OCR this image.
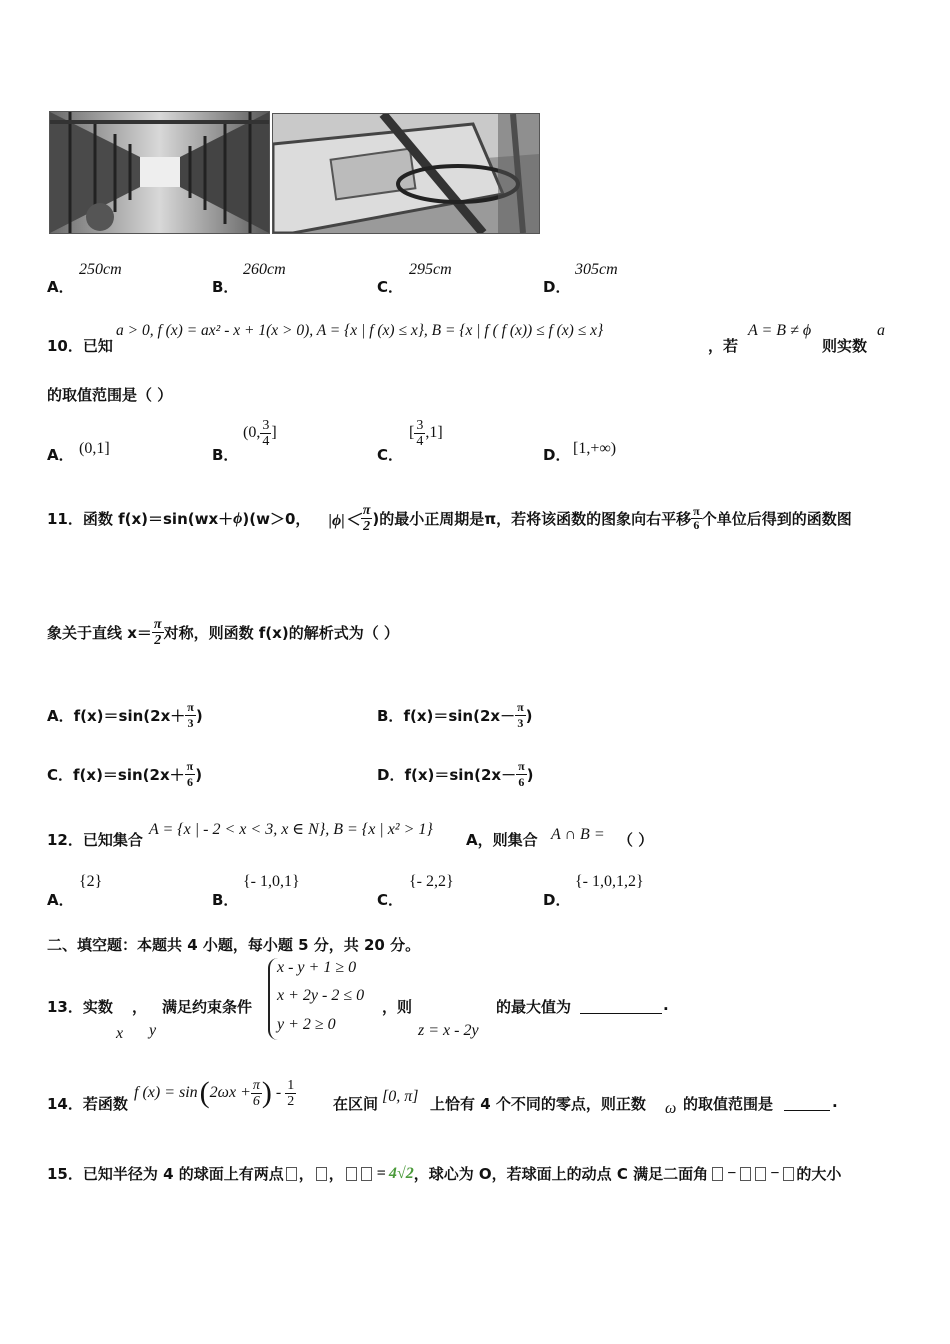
A．
250cm
B．
260cm
C．
295cm
D．
305cm
10．已知
a > 0, f (x) = ax² - x + 1(x > 0), A = {x | f (x) ≤ x}, B = {x | f ( f (x)) ≤ f (x) ≤ x}
，若
A = B ≠ ϕ
则实数
a
的取值范围是（ ）
A． (0,1]	B．
(0, $\frac{3}{4}$ ]
C．
[ $\frac{3}{4} ,1$]
D． [1,+∞)
11．函数 f(x)＝sin(wx＋ ϕ )(w＞0， $|\phi|< \frac{\pi}{2}$ )的最小正周期是π，若将该函数的图象向右平移 $\frac{\pi}{6}$ 个单位后得到的函数图
象关于直线 $x= \frac{\pi}{2}$ 对称，则函数 f(x)的解析式为（ ）
A． $f(x)=\sin(2x+ \frac{\pi}{3}$ )	B． $f(x)=\sin(2x- \frac{\pi}{3}$ )
C． $f(x)=\sin(2x+ \frac{\pi}{6}$ )	D． $f(x)=\sin(2x- \frac{\pi}{6}$ )
12．已知集合
A = {x | - 2 < x < 3, x ∈ N}, B = {x | x² > 1}
A，则集合 A ∩ B = （ ）
A．
{2}
B．
{- 1,0,1}
C．
{- 2,2}
D．
{- 1,0,1,2}
二、填空题：本题共 4 小题，每小题 5 分，共 20 分。
13．实数 ， 满足约束条件
x y
x - y + 1 ≥ 0
x + 2y - 2 ≤ 0
y + 2 ≥ 0
，则
z = x - 2y
的最大值为	.
14．若函数
f (x) = sin ( $2\omega x + \frac{\pi}{6}$ ) - $\frac{1}{2}$ 在区间 [0, π] 上恰有 4 个不同的零点，则正数 ω 的取值范围是	.
15．已知半径为 4 的球面上有两点 ， ， = 4√2 ，球心为 O，若球面上的动点 C 满足二面角 − − 的大小
